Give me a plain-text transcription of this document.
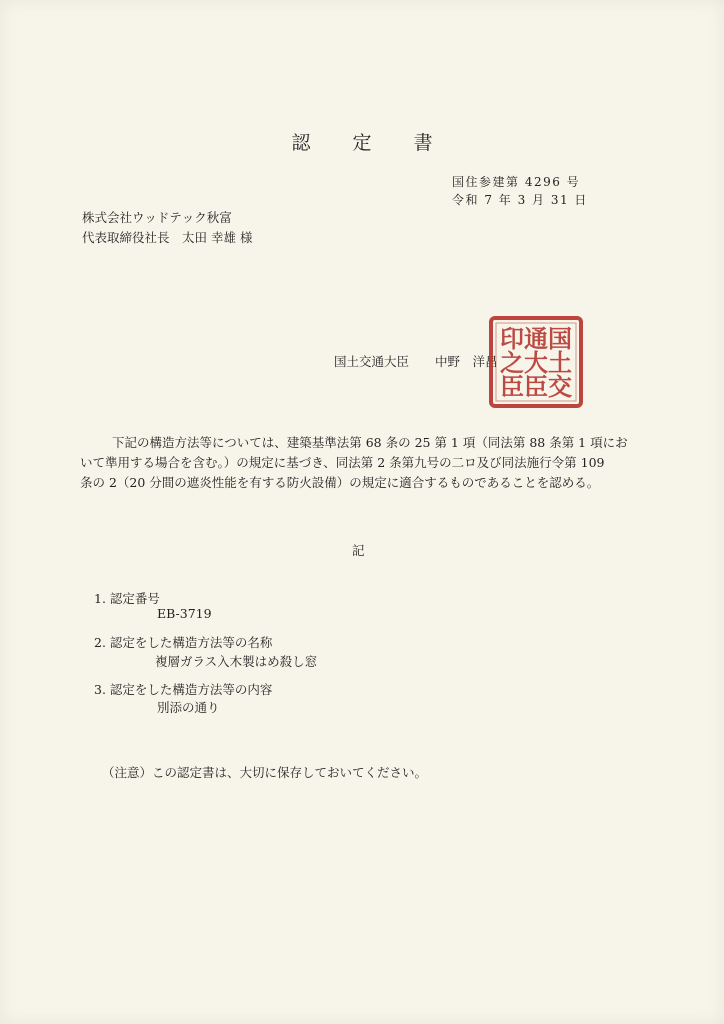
認 定 書
国住参建第 4296 号
令和 7 年 3 月 31 日
株式会社ウッドテック秋富
代表取締役社長　太田 幸雄 様
国土交通大臣 中野　洋昌
国
土
交
通
大
臣
印
之
臣
下記の構造方法等については、建築基準法第 68 条の 25 第 1 項（同法第 88 条第 1 項にお
いて準用する場合を含む。）の規定に基づき、同法第 2 条第九号の二ロ及び同法施行令第 109
条の 2（20 分間の遮炎性能を有する防火設備）の規定に適合するものであることを認める。
記
1. 認定番号
EB-3719
2. 認定をした構造方法等の名称
複層ガラス入木製はめ殺し窓
3. 認定をした構造方法等の内容
別添の通り
（注意）この認定書は、大切に保存しておいてください。
